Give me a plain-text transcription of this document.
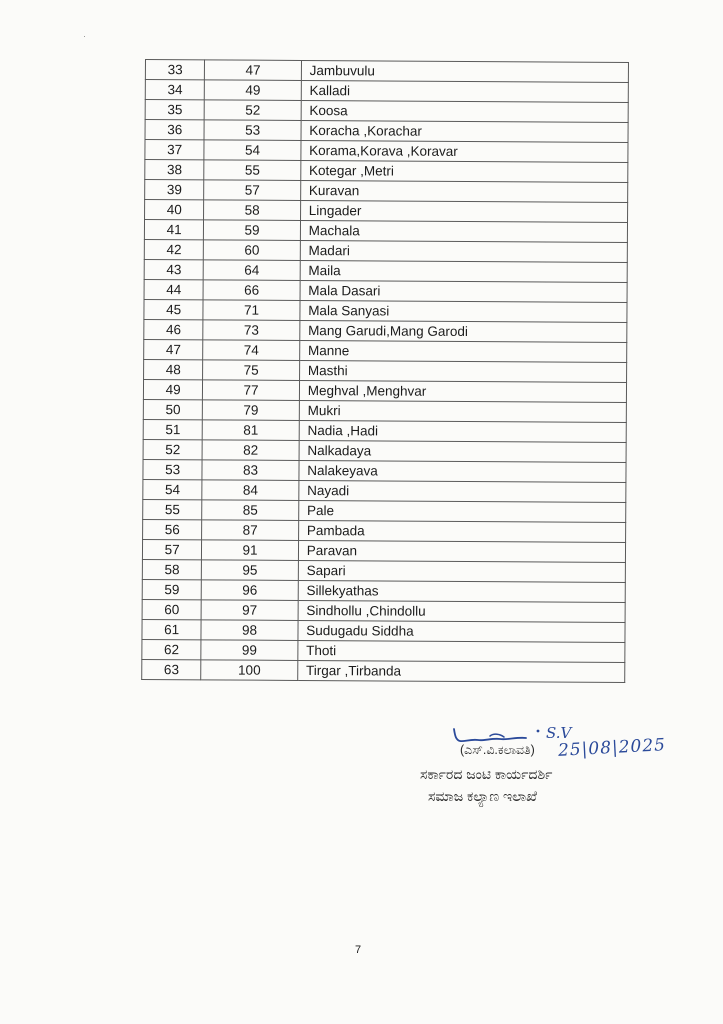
33	47	Jambuvulu
34	49	Kalladi
35	52	Koosa
36	53	Koracha ,Korachar
37	54	Korama,Korava ,Koravar
38	55	Kotegar ,Metri
39	57	Kuravan
40	58	Lingader
41	59	Machala
42	60	Madari
43	64	Maila
44	66	Mala Dasari
45	71	Mala Sanyasi
46	73	Mang Garudi,Mang Garodi
47	74	Manne
48	75	Masthi
49	77	Meghval ,Menghvar
50	79	Mukri
51	81	Nadia ,Hadi
52	82	Nalkadaya
53	83	Nalakeyava
54	84	Nayadi
55	85	Pale
56	87	Pambada
57	91	Paravan
58	95	Sapari
59	96	Sillekyathas
60	97	Sindhollu ,Chindollu
61	98	Sudugadu Siddha
62	99	Thoti
63	100	Tirgar ,Tirbanda
S.V
25|08|2025
(ಎಸ್.ವಿ.ಕಲಾವತಿ)
ಸರ್ಕಾರದ ಜಂಟಿ ಕಾರ್ಯದರ್ಶಿ
ಸಮಾಜ ಕಲ್ಯಾಣ ಇಲಾಖೆ
7
